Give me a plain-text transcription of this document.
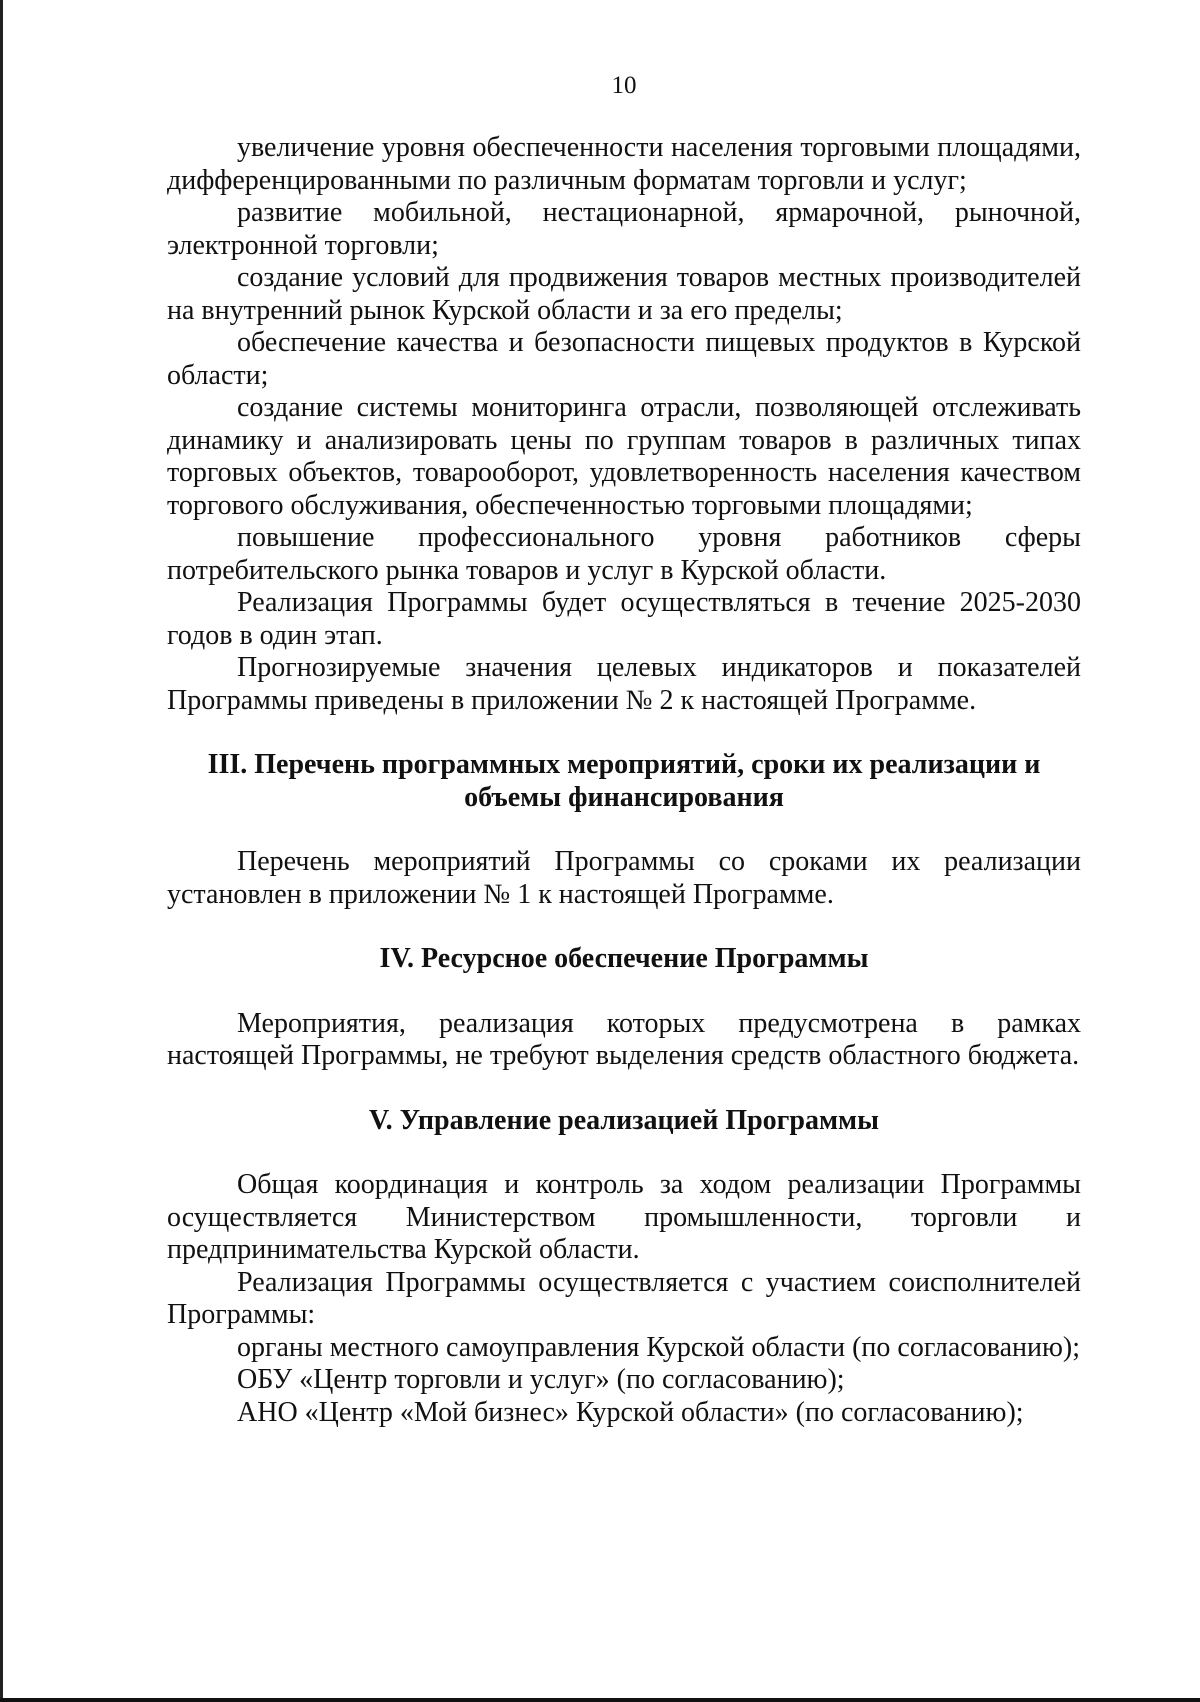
10

увеличение уровня обеспеченности населения торговыми площадями, дифференцированными по различным форматам торговли и услуг;

развитие мобильной, нестационарной, ярмарочной, рыночной, электронной торговли;

создание условий для продвижения товаров местных производителей на внутренний рынок Курской области и за его пределы;

обеспечение качества и безопасности пищевых продуктов в Курской области;

создание системы мониторинга отрасли, позволяющей отслеживать динамику и анализировать цены по группам товаров в различных типах торговых объектов, товарооборот, удовлетворенность населения качеством торгового обслуживания, обеспеченностью торговыми площадями;

повышение профессионального уровня работников сферы потребительского рынка товаров и услуг в Курской области.

Реализация Программы будет осуществляться в течение 2025-2030 годов в один этап.

Прогнозируемые значения целевых индикаторов и показателей Программы приведены в приложении № 2 к настоящей Программе.

III. Перечень программных мероприятий, сроки их реализации и

объемы финансирования

Перечень мероприятий Программы со сроками их реализации установлен в приложении № 1 к настоящей Программе.

IV. Ресурсное обеспечение Программы

Мероприятия, реализация которых предусмотрена в рамках настоящей Программы, не требуют выделения средств областного бюджета.

V. Управление реализацией Программы

Общая координация и контроль за ходом реализации Программы осуществляется Министерством промышленности, торговли и предпринимательства Курской области.

Реализация Программы осуществляется с участием соисполнителей Программы:

органы местного самоуправления Курской области (по согласованию);

ОБУ «Центр торговли и услуг» (по согласованию);

АНО «Центр «Мой бизнес» Курской области» (по согласованию);
